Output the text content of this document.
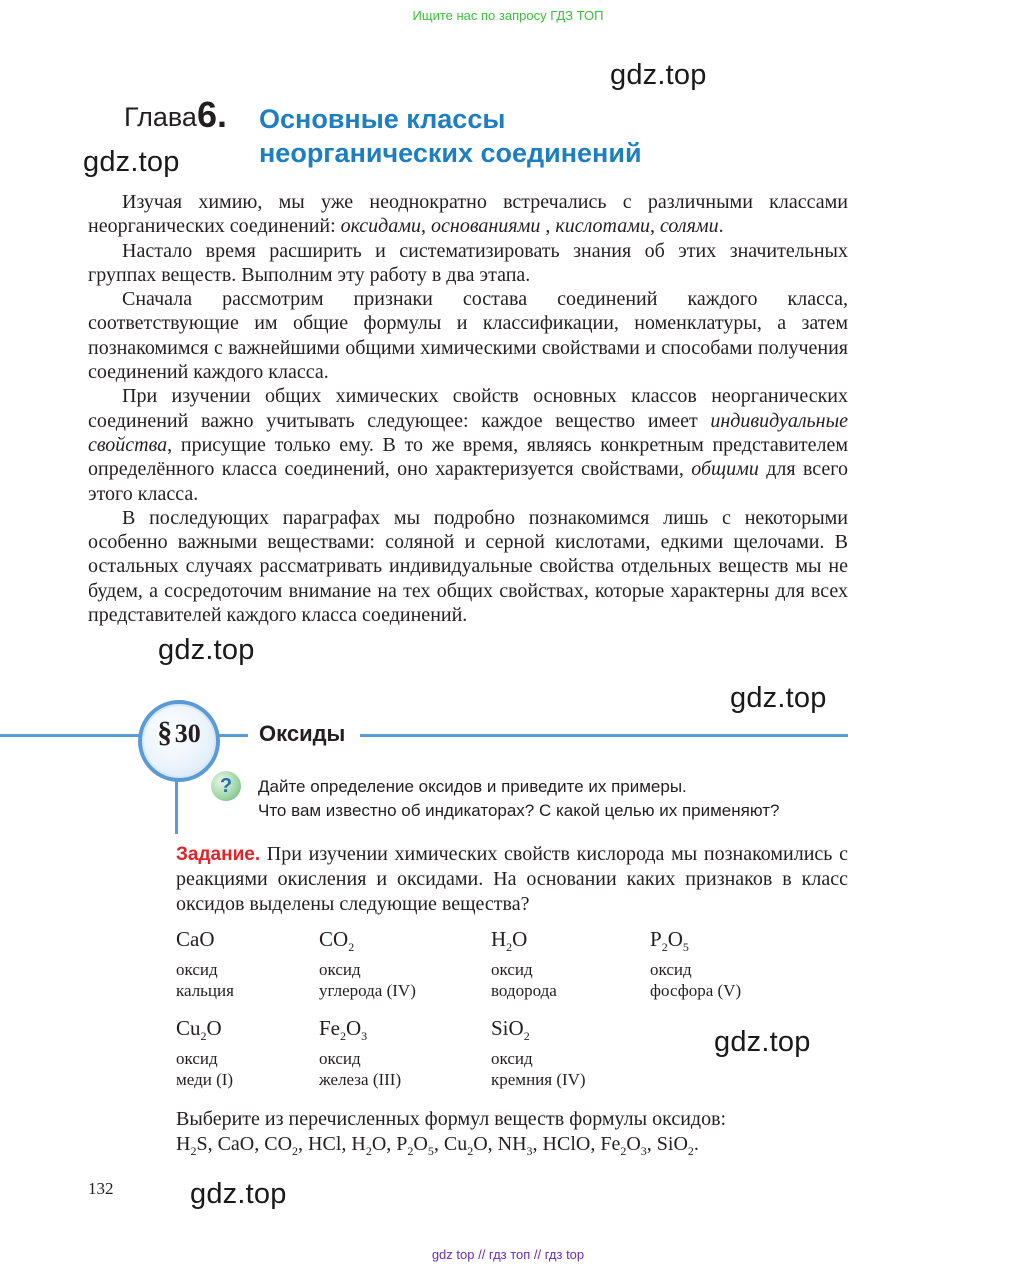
Ищите нас по запросу ГДЗ ТОП
gdz.top
Глава 6. Основные классы
неорганических соединений
gdz.top

Изучая химию, мы уже неоднократно встречались с различными классами неорганических соединений: оксидами, основаниями , кислотами, солями.

Настало время расширить и систематизировать знания об этих значительных группах веществ. Выполним эту работу в два этапа.

Сначала рассмотрим признаки состава соединений каждого класса, соответствующие им общие формулы и классификации, номенклатуры, а затем познакомимся с важнейшими общими химическими свойствами и способами получения соединений каждого класса.

При изучении общих химических свойств основных классов неорганических соединений важно учитывать следующее: каждое вещество имеет индивидуальные свойства, присущие только ему. В то же время, являясь конкретным представителем определённого класса соединений, оно характеризуется свойствами, общими для всего этого класса.

В последующих параграфах мы подробно познакомимся лишь с некоторыми особенно важными веществами: соляной и серной кислотами, едкими щелочами. В остальных случаях рассматривать индивидуальные свойства отдельных веществ мы не будем, а сосредоточим внимание на тех общих свойствах, которые характерны для всех представителей каждого класса соединений.

gdz.top
gdz.top
§ 30	Оксиды
?	Дайте определение оксидов и приведите их примеры.
Что вам известно об индикаторах? С какой целью их применяют?
Задание. При изучении химических свойств кислорода мы познакомились с реакциями окисления и оксидами. На основании каких признаков в класс оксидов выделены следующие вещества?
CaO
оксид
кальция
$CO_2$
оксид
углерода (IV)
$H_2O$
оксид
водорода
$P_2O_5$
оксид
фосфора (V)
$Cu_2O$
оксид
меди (I)
$Fe_2O_3$
оксид
железа (III)
SiO$_2$
оксид
кремния (IV)
gdz.top
Выберите из перечисленных формул веществ формулы оксидов:
$H_2S$, CaO, $CO_2$, HCl, $H_2O$, $P_2O_5$, $Cu_2O$, $NH_3$, HClO, $Fe_2O_3$, SiO$_2$.
132	gdz.top
gdz top // гдз топ // гдз top
